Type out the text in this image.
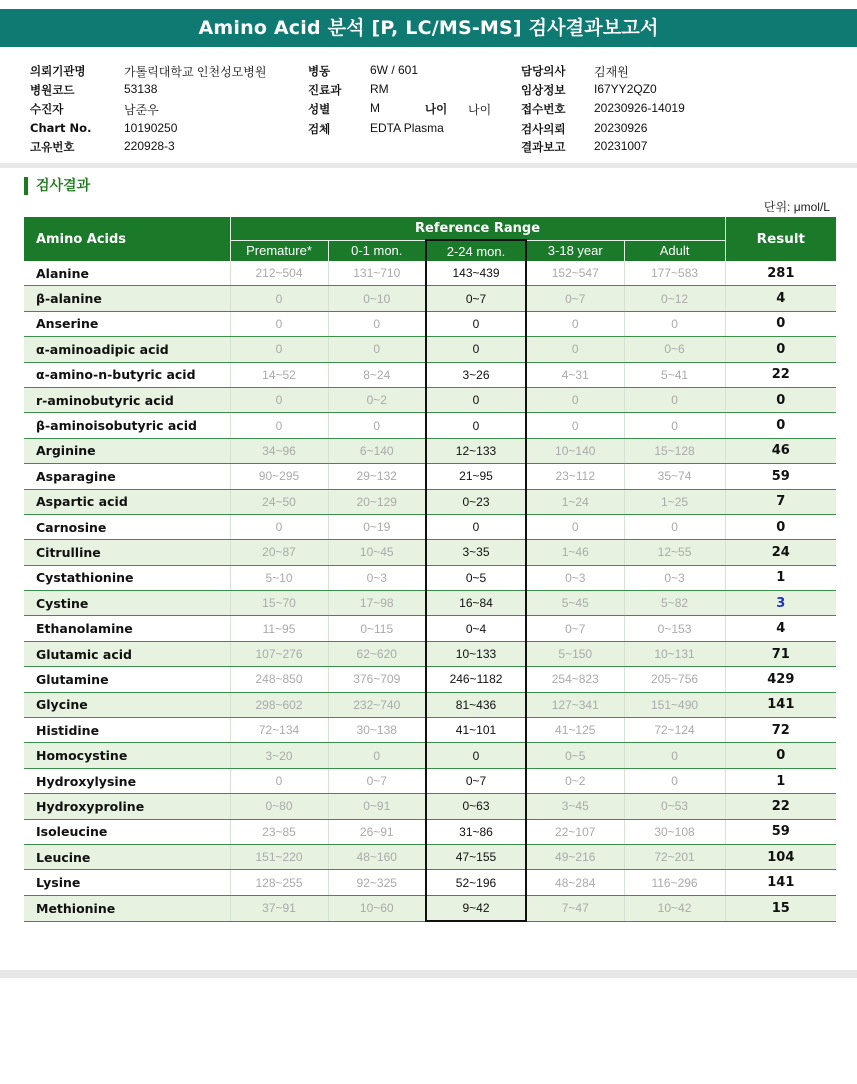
Amino Acid 분석 [P, LC/MS-MS] 검사결과보고서
의뢰기관명	가톨릭대학교 인천성모병원
병원코드	53138
수진자	남준우
Chart No.	10190250
고유번호	220928-3
병동	6W / 601
진료과 RM
성별	M
검체	EDTA Plasma
나이 나이
담당의사 김재원
임상정보 I67YY2QZ0
접수번호 20230926-14019
검사의뢰 20230926
결과보고 20231007
검사결과
단위: μmol/L
Amino Acids	Reference Range					Result
	Premature*	0-1 mon.	2-24 mon.	3-18 year	Adult	
Alanine	212~504	131~710	143~439	152~547	177~583	281
β-alanine	0	0~10	0~7	0~7	0~12	4
Anserine	0	0	0	0	0	0
α-aminoadipic acid	0	0	0	0	0~6	0
α-amino-n-butyric acid	14~52	8~24	3~26	4~31	5~41	22
r-aminobutyric acid	0	0~2	0	0	0	0
β-aminoisobutyric acid	0	0	0	0	0	0
Arginine	34~96	6~140	12~133	10~140	15~128	46
Asparagine	90~295	29~132	21~95	23~112	35~74	59
Aspartic acid	24~50	20~129	0~23	1~24	1~25	7
Carnosine	0	0~19	0	0	0	0
Citrulline	20~87	10~45	3~35	1~46	12~55	24
Cystathionine	5~10	0~3	0~5	0~3	0~3	1
Cystine	15~70	17~98	16~84	5~45	5~82	3
Ethanolamine	11~95	0~115	0~4	0~7	0~153	4
Glutamic acid	107~276	62~620	10~133	5~150	10~131	71
Glutamine	248~850	376~709	246~1182	254~823	205~756	429
Glycine	298~602	232~740	81~436	127~341	151~490	141
Histidine	72~134	30~138	41~101	41~125	72~124	72
Homocystine	3~20	0	0	0~5	0	0
Hydroxylysine	0	0~7	0~7	0~2	0	1
Hydroxyproline	0~80	0~91	0~63	3~45	0~53	22
Isoleucine	23~85	26~91	31~86	22~107	30~108	59
Leucine	151~220	48~160	47~155	49~216	72~201	104
Lysine	128~255	92~325	52~196	48~284	116~296	141
Methionine	37~91	10~60	9~42	7~47	10~42	15
